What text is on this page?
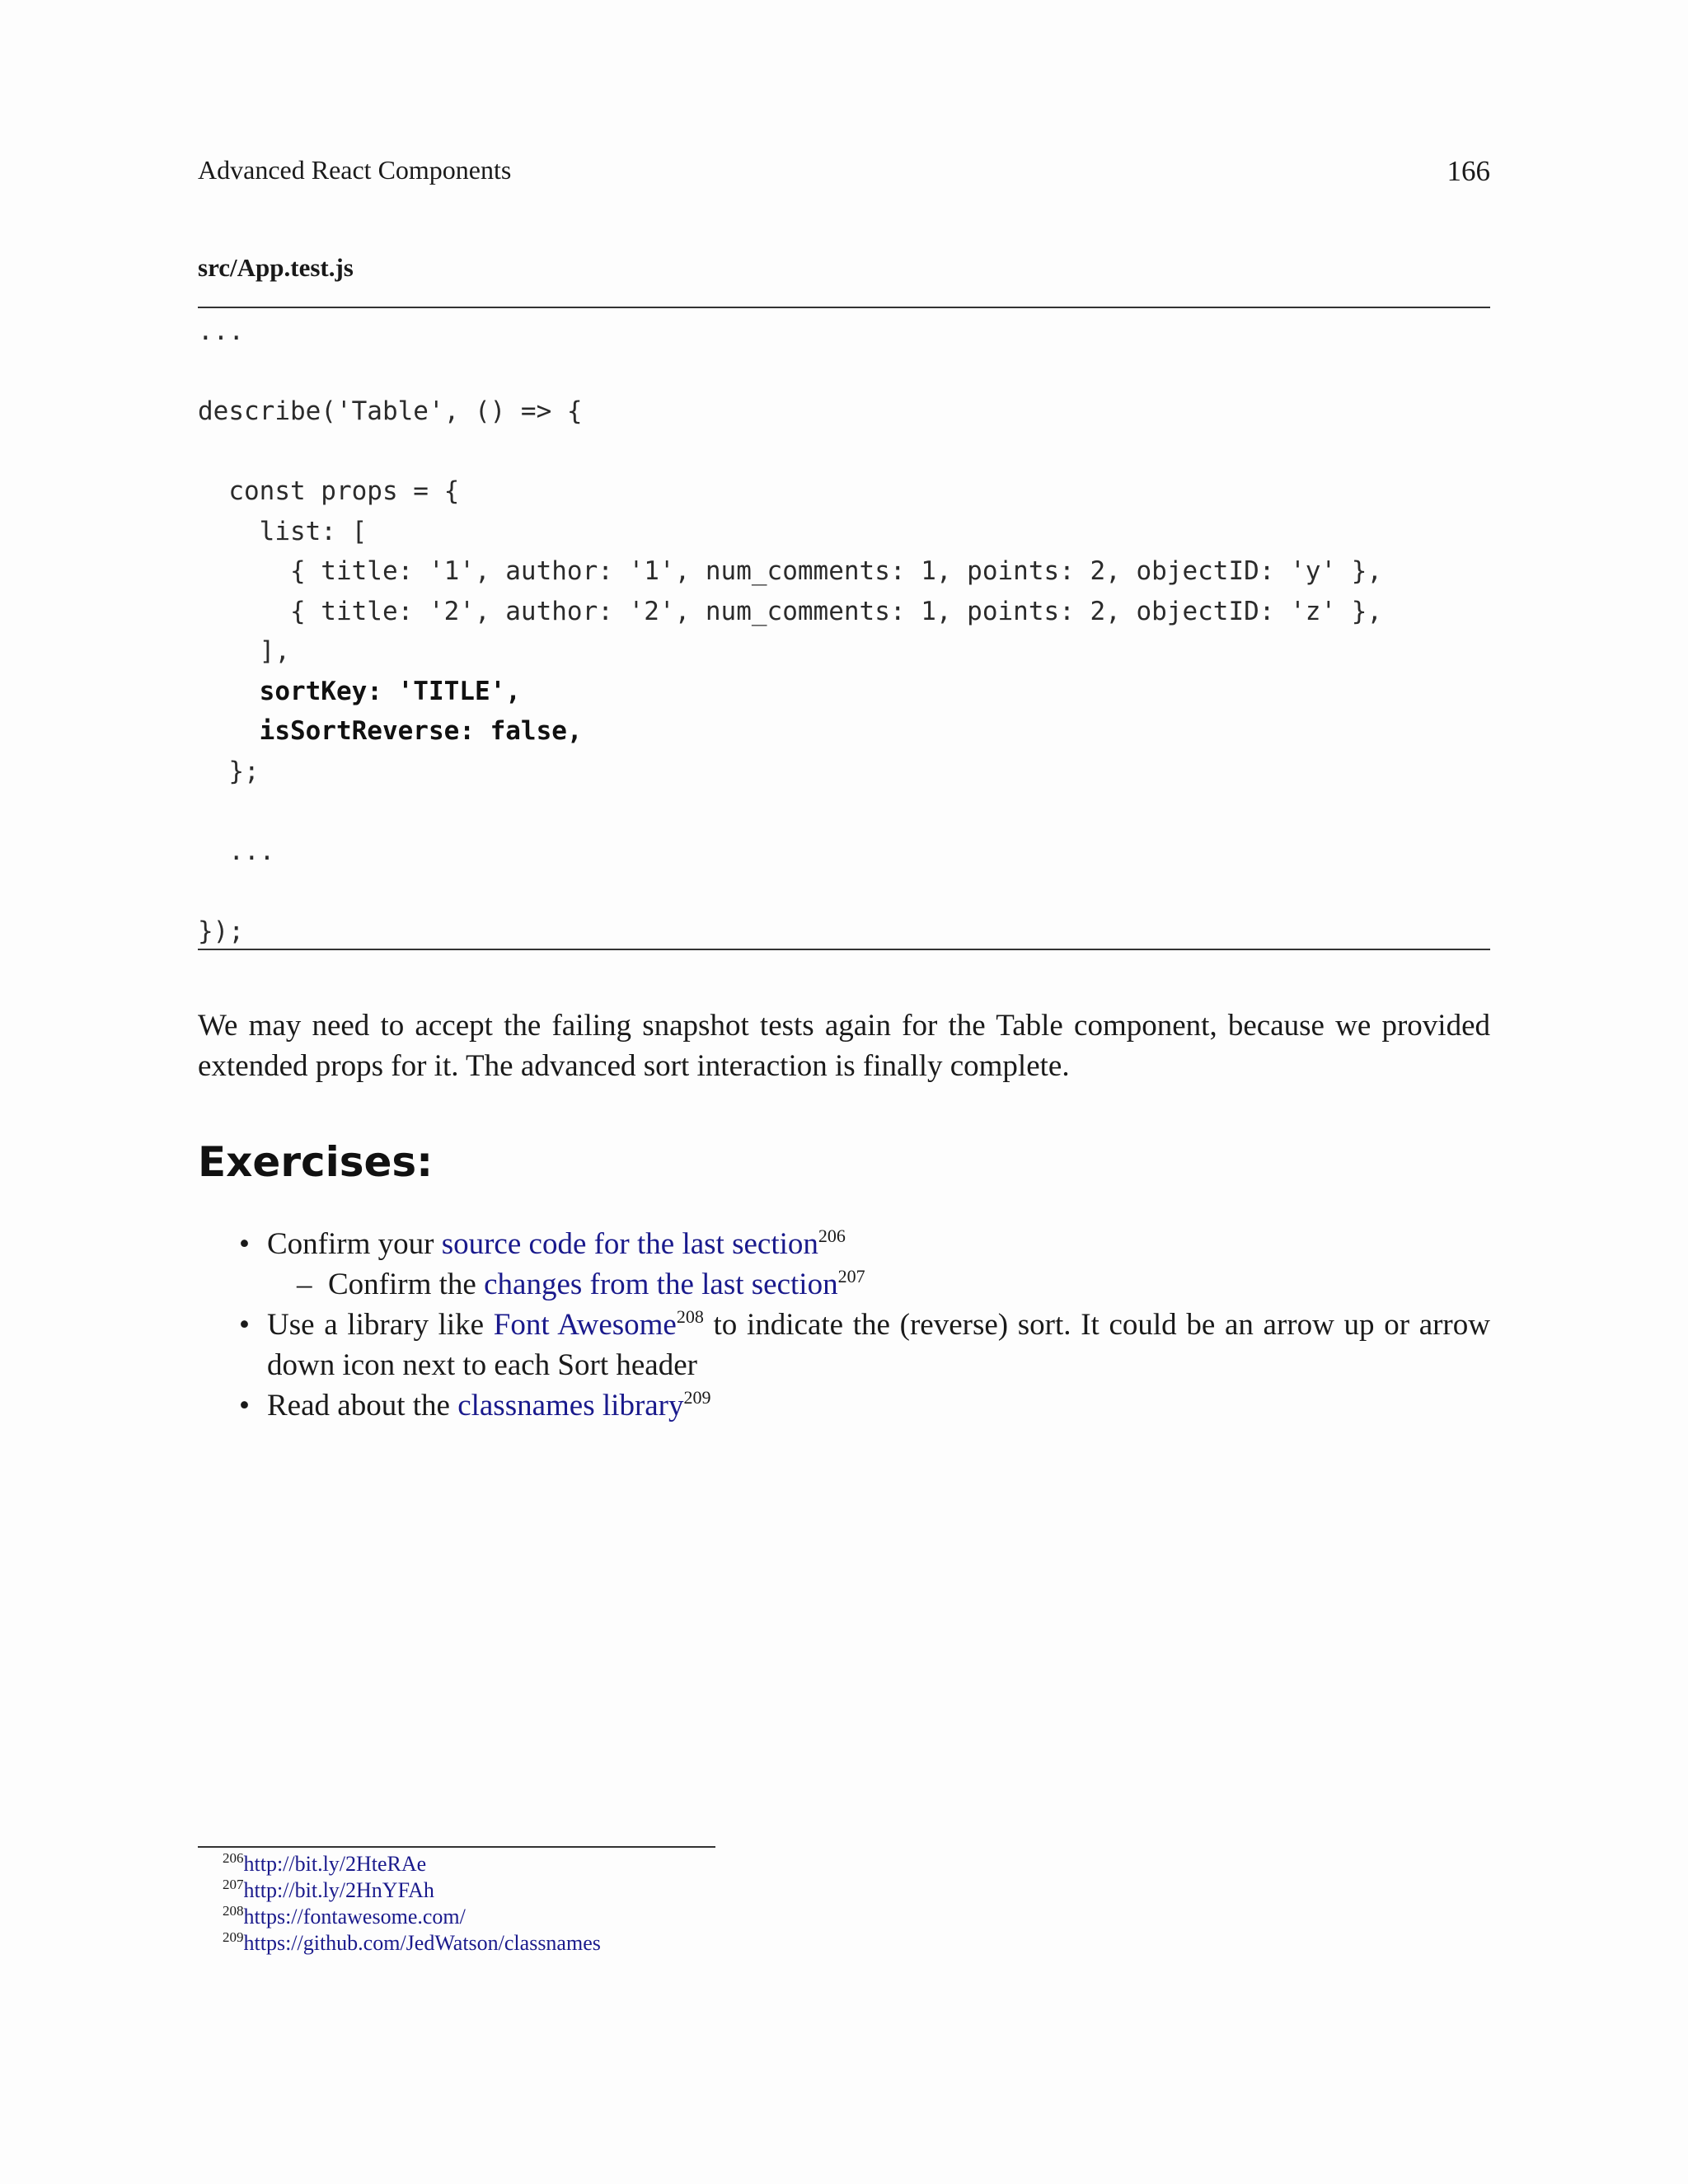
Advanced React Components	166
src/App.test.js
...
describe('Table', () => {
const props = {
list: [
{ title: '1', author: '1', num_comments: 1, points: 2, objectID: 'y' },
{ title: '2', author: '2', num_comments: 1, points: 2, objectID: 'z' },
],
sortKey: 'TITLE',
isSortReverse: false,
};
...
});

We may need to accept the failing snapshot tests again for the Table component, because we provided extended props for it. The advanced sort interaction is finally complete.

Exercises:
• Confirm your source code for the last section$^{206}$
– Confirm the changes from the last section$^{207}$
• Use a library like Font Awesome$^{208}$ to indicate the (reverse) sort. It could be an arrow up or arrow down icon next to each Sort header
• Read about the classnames library$^{209}$
$^{206}$http://bit.ly/2HteRAe
$^{207}$http://bit.ly/2HnYFAh
$^{208}$https://fontawesome.com/
$^{209}$https://github.com/JedWatson/classnames
